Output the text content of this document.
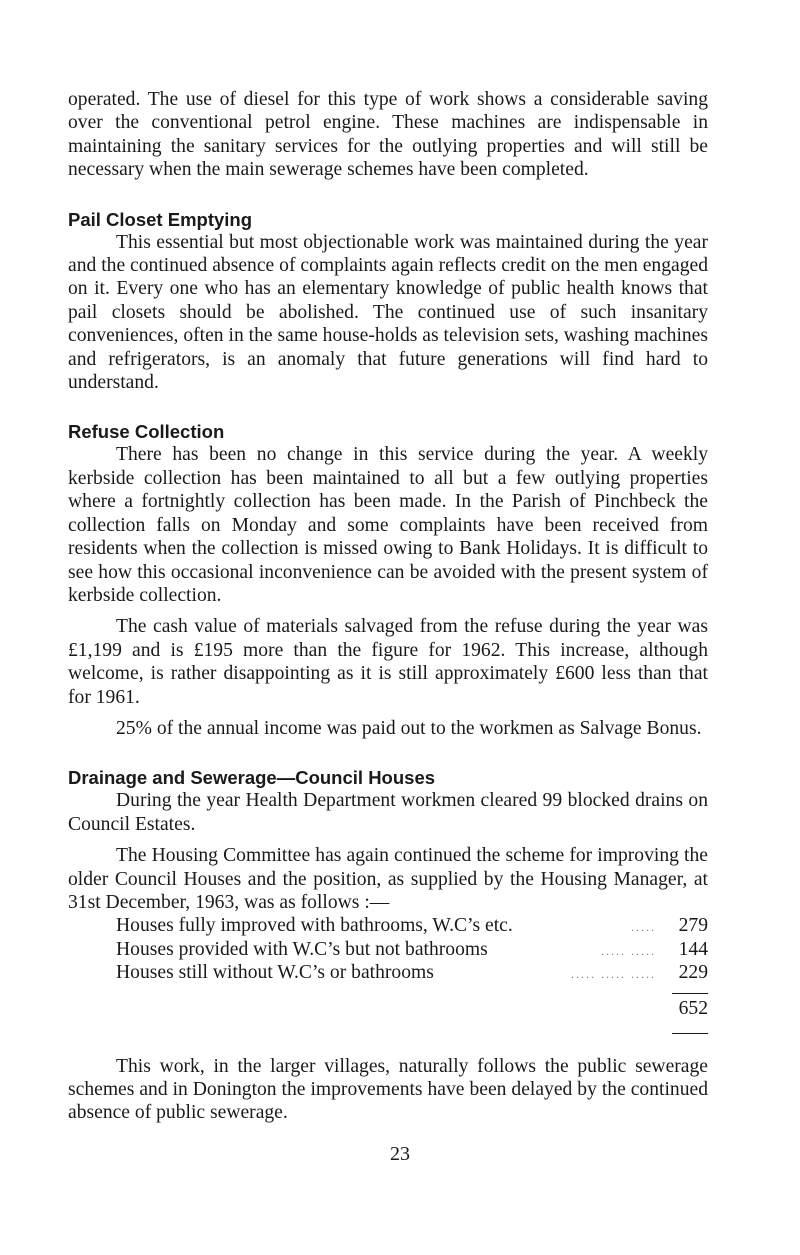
operated. The use of diesel for this type of work shows a considerable saving over the conventional petrol engine. These machines are indispensable in maintaining the sanitary services for the outlying properties and will still be necessary when the main sewerage schemes have been completed.

Pail Closet Emptying

This essential but most objectionable work was maintained during the year and the continued absence of complaints again reflects credit on the men engaged on it. Every one who has an elementary knowledge of public health knows that pail closets should be abolished. The continued use of such insanitary conveniences, often in the same house-holds as television sets, washing machines and refrigerators, is an anomaly that future generations will find hard to understand.

Refuse Collection

There has been no change in this service during the year. A weekly kerbside collection has been maintained to all but a few outlying properties where a fortnightly collection has been made. In the Parish of Pinchbeck the collection falls on Monday and some complaints have been received from residents when the collection is missed owing to Bank Holidays. It is difficult to see how this occasional inconvenience can be avoided with the present system of kerbside collection.

The cash value of materials salvaged from the refuse during the year was £1,199 and is £195 more than the figure for 1962. This increase, although welcome, is rather disappointing as it is still approximately £600 less than that for 1961.

25% of the annual income was paid out to the workmen as Salvage Bonus.

Drainage and Sewerage—Council Houses

During the year Health Department workmen cleared 99 blocked drains on Council Estates.

The Housing Committee has again continued the scheme for improving the older Council Houses and the position, as supplied by the Housing Manager, at 31st December, 1963, was as follows :—

Houses fully improved with bathrooms, W.C’s etc.	.....	279
Houses provided with W.C’s but not bathrooms	..... .....	144
Houses still without W.C’s or bathrooms	..... ..... .....	229
652

This work, in the larger villages, naturally follows the public sewerage schemes and in Donington the improvements have been delayed by the continued absence of public sewerage.

23
